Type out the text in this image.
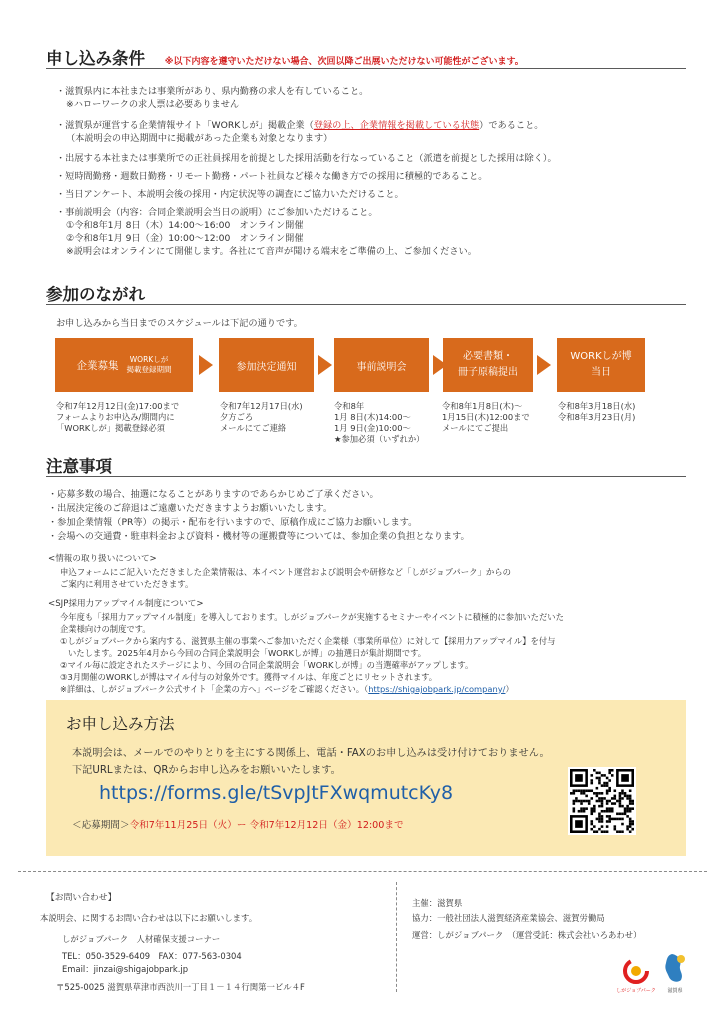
申し込み条件 ※以下内容を遵守いただけない場合、次回以降ご出展いただけない可能性がございます。
・滋賀県内に本社または事業所があり、県内勤務の求人を有していること。
※ハローワークの求人票は必要ありません
・滋賀県が運営する企業情報サイト「WORKしが」掲載企業（登録の上、企業情報を掲載している状態）であること。
（本説明会の申込期間中に掲載があった企業も対象となります）
・出展する本社または事業所での正社員採用を前提とした採用活動を行なっていること（派遣を前提とした採用は除く）。
・短時間勤務・週数日勤務・リモート勤務・パート社員など様々な働き方での採用に積極的であること。
・当日アンケート、本説明会後の採用・内定状況等の調査にご協力いただけること。
・事前説明会（内容：合同企業説明会当日の説明）にご参加いただけること。
①令和8年1月 8日（木）14:00〜16:00　オンライン開催
②令和8年1月 9日（金）10:00〜12:00　オンライン開催
※説明会はオンラインにて開催します。各社にて音声が聞ける端末をご準備の上、ご参加ください。
参加のながれ
お申し込みから当日までのスケジュールは下記の通りです。
企業募集	WORKしが
掲載登録期間	参加決定通知	事前説明会
必要書類・
冊子原稿提出
WORKしが博
当日
令和7年12月12日(金)17:00まで
フォームよりお申込み/期間内に
「WORKしが」掲載登録必須
令和7年12月17日(水)
夕方ごろ
メールにてご連絡
令和8年
1月 8日(木)14:00〜
1月 9日(金)10:00〜
★参加必須（いずれか）
令和8年1月8日(木)〜
1月15日(木)12:00まで
メールにてご提出
令和8年3月18日(水)
令和8年3月23日(月)
注意事項
・応募多数の場合、抽選になることがありますのであらかじめご了承ください。
・出展決定後のご辞退はご遠慮いただきますようお願いいたします。
・参加企業情報（PR等）の掲示・配布を行いますので、原稿作成にご協力お願いします。
・会場への交通費・駐車料金および資料・機材等の運搬費等については、参加企業の負担となります。
<情報の取り扱いについて>
申込フォームにご記入いただきました企業情報は、本イベント運営および説明会や研修など「しがジョブパーク」からの
ご案内に利用させていただきます。
<SJP採用力アップマイル制度について>
今年度も「採用力アップマイル制度」を導入しております。しがジョブパークが実施するセミナーやイベントに積極的に参加いただいた
企業様向けの制度です。
①しがジョブパークから案内する、滋賀県主催の事業へご参加いただく企業様（事業所単位）に対して【採用力アップマイル】を付与
いたします。2025年4月から今回の合同企業説明会「WORKしが博」の抽選日が集計期間です。
②マイル毎に設定されたステージにより、今回の合同企業説明会「WORKしが博」の当選確率がアップします。
③3月開催のWORKしが博はマイル付与の対象外です。獲得マイルは、年度ごとにリセットされます。
※詳細は、しがジョブパーク公式サイト「企業の方へ」ページをご確認ください。（https://shigajobpark.jp/company/）
お申し込み方法
本説明会は、メールでのやりとりを主にする関係上、電話・FAXのお申し込みは受け付けておりません。
下記URLまたは、QRからお申し込みをお願いいたします。
https://forms.gle/tSvpJtFXwqmutcKy8
＜応募期間＞令和7年11月25日（火）ー 令和7年12月12日（金）12:00まで
【お問い合わせ】
本説明会、に関するお問い合わせは以下にお願いします。
しがジョブパーク　人材確保支援コーナー
TEL：050-3529-6409　FAX：077-563-0304
Email：jinzai@shigajobpark.jp
〒525-0025 滋賀県草津市西渋川一丁目１－１４行関第一ビル４F
主催：滋賀県
協力：一般社団法人滋賀経済産業協会、滋賀労働局
運営：しがジョブパーク　（運営受託：株式会社いろあわせ）
しがジョブパーク	滋賀県
